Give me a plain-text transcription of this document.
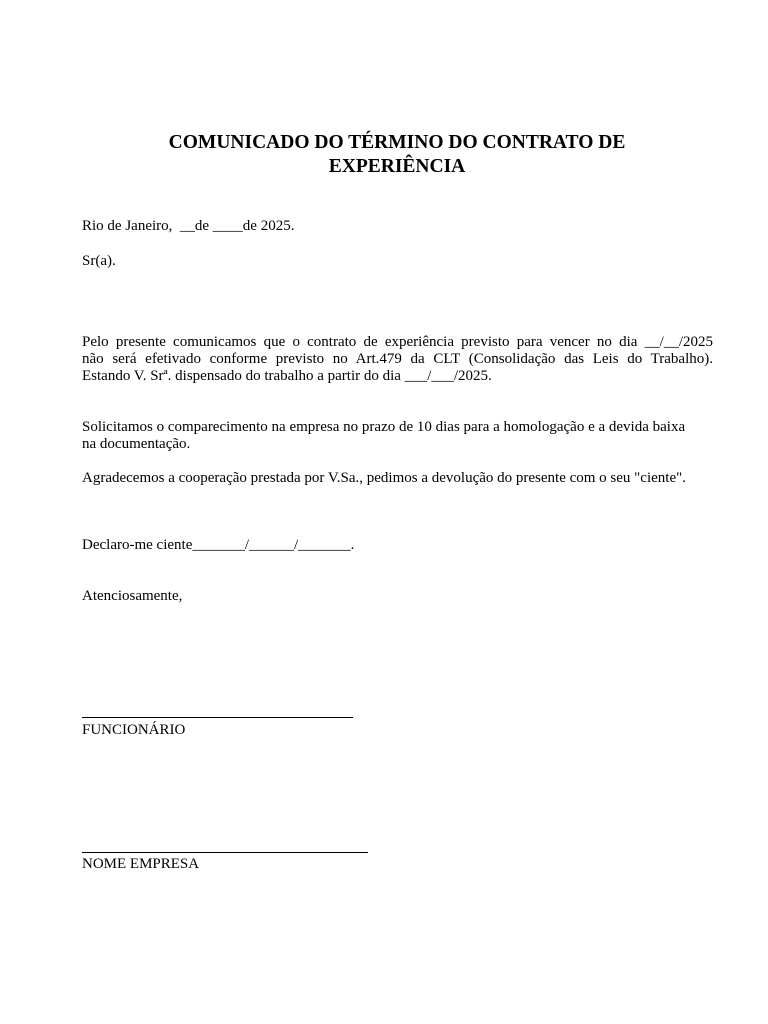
COMUNICADO DO TÉRMINO DO CONTRATO DE
EXPERIÊNCIA
Rio de Janeiro,  __de ____de 2025.
Sr(a).
Pelo presente comunicamos que o contrato de experiência previsto para vencer no dia __/__/2025
não será efetivado conforme previsto no Art.479 da CLT (Consolidação das Leis do Trabalho).
Estando V. Srª. dispensado do trabalho a partir do dia ___/___/2025.
Solicitamos o comparecimento na empresa no prazo de 10 dias para a homologação e a devida baixa
na documentação.
Agradecemos a cooperação prestada por V.Sa., pedimos a devolução do presente com o seu "ciente".
Declaro-me ciente_______/______/_______.
Atenciosamente,
FUNCIONÁRIO
NOME EMPRESA
